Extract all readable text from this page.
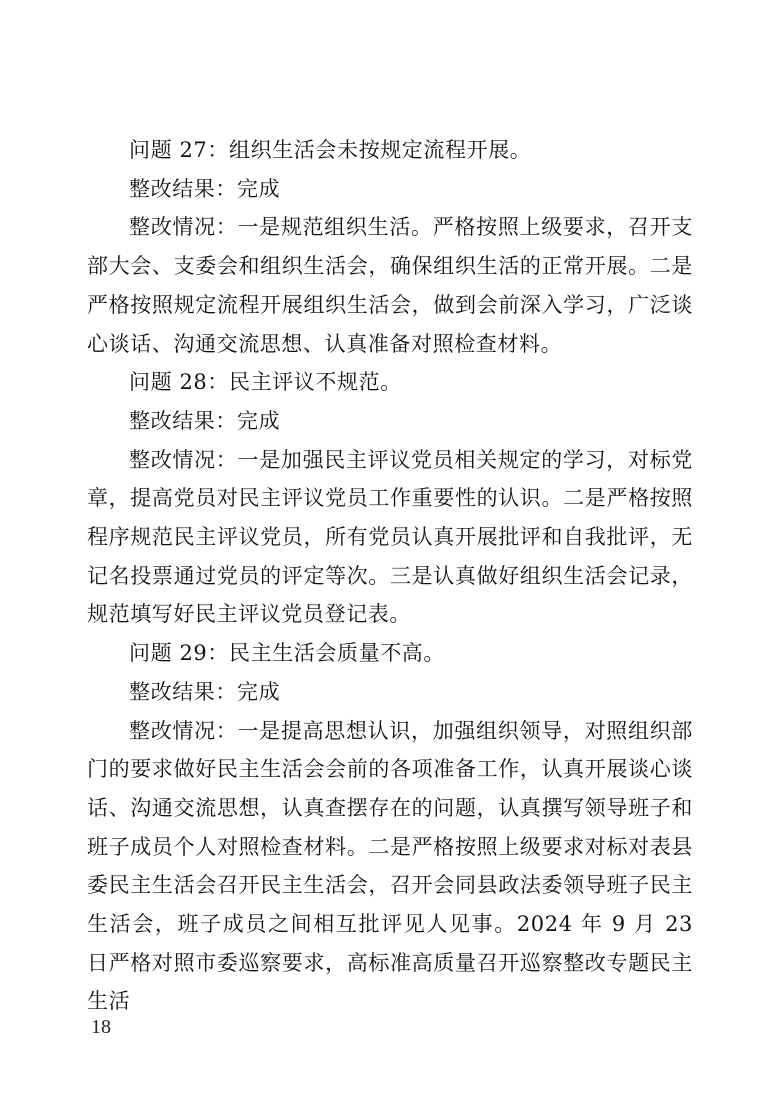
问题 27：组织生活会未按规定流程开展。

整改结果：完成

整改情况：一是规范组织生活。严格按照上级要求，召开支部大会、支委会和组织生活会，确保组织生活的正常开展。二是严格按照规定流程开展组织生活会，做到会前深入学习，广泛谈心谈话、沟通交流思想、认真准备对照检查材料。

问题 28：民主评议不规范。

整改结果：完成

整改情况：一是加强民主评议党员相关规定的学习，对标党章，提高党员对民主评议党员工作重要性的认识。二是严格按照程序规范民主评议党员，所有党员认真开展批评和自我批评，无记名投票通过党员的评定等次。三是认真做好组织生活会记录，规范填写好民主评议党员登记表。

问题 29：民主生活会质量不高。

整改结果：完成

整改情况：一是提高思想认识，加强组织领导，对照组织部门的要求做好民主生活会会前的各项准备工作，认真开展谈心谈话、沟通交流思想，认真查摆存在的问题，认真撰写领导班子和班子成员个人对照检查材料。二是严格按照上级要求对标对表县委民主生活会召开民主生活会，召开会同县政法委领导班子民主生活会，班子成员之间相互批评见人见事。2024 年 9 月 23 日严格对照市委巡察要求，高标准高质量召开巡察整改专题民主生活

18
